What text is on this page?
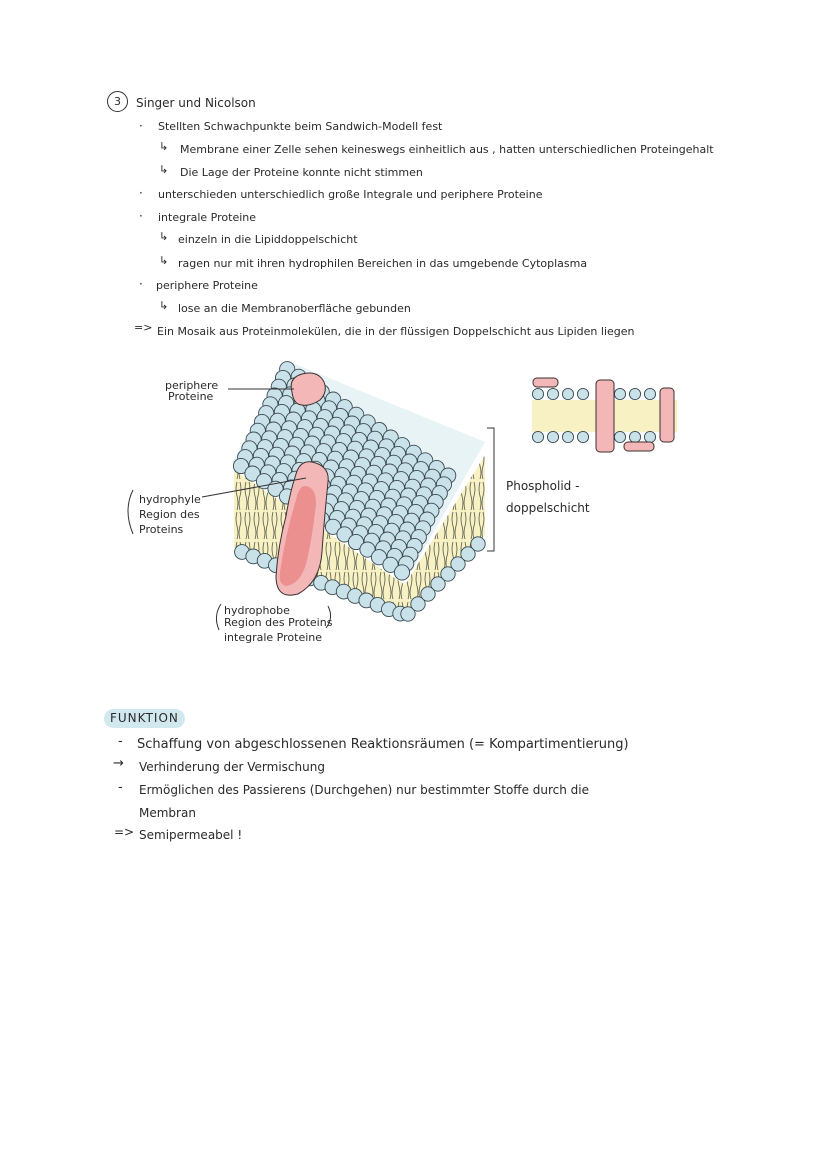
3	Singer und Nicolson
· Stellten Schwachpunkte beim Sandwich-Modell fest
↳ Membrane einer Zelle sehen keineswegs einheitlich aus , hatten unterschiedlichen Proteingehalt
↳ Die Lage der Proteine konnte nicht stimmen
· unterschieden unterschiedlich große Integrale und periphere Proteine
· integrale Proteine
↳ einzeln in die Lipiddoppelschicht
↳ ragen nur mit ihren hydrophilen Bereichen in das umgebende Cytoplasma
· periphere Proteine
↳ lose an die Membranoberfläche gebunden
=> Ein Mosaik aus Proteinmolekülen, die in der flüssigen Doppelschicht aus Lipiden liegen
periphere
Proteine
hydrophyle
Region des
Proteins
hydrophobe
Region des Proteins
integrale Proteine
Phospholid -
doppelschicht
FUNKTION
- Schaffung von abgeschlossenen Reaktionsräumen (= Kompartimentierung)
→ Verhinderung der Vermischung
- Ermöglichen des Passierens (Durchgehen) nur bestimmter Stoffe durch die
Membran
=> Semipermeabel !
